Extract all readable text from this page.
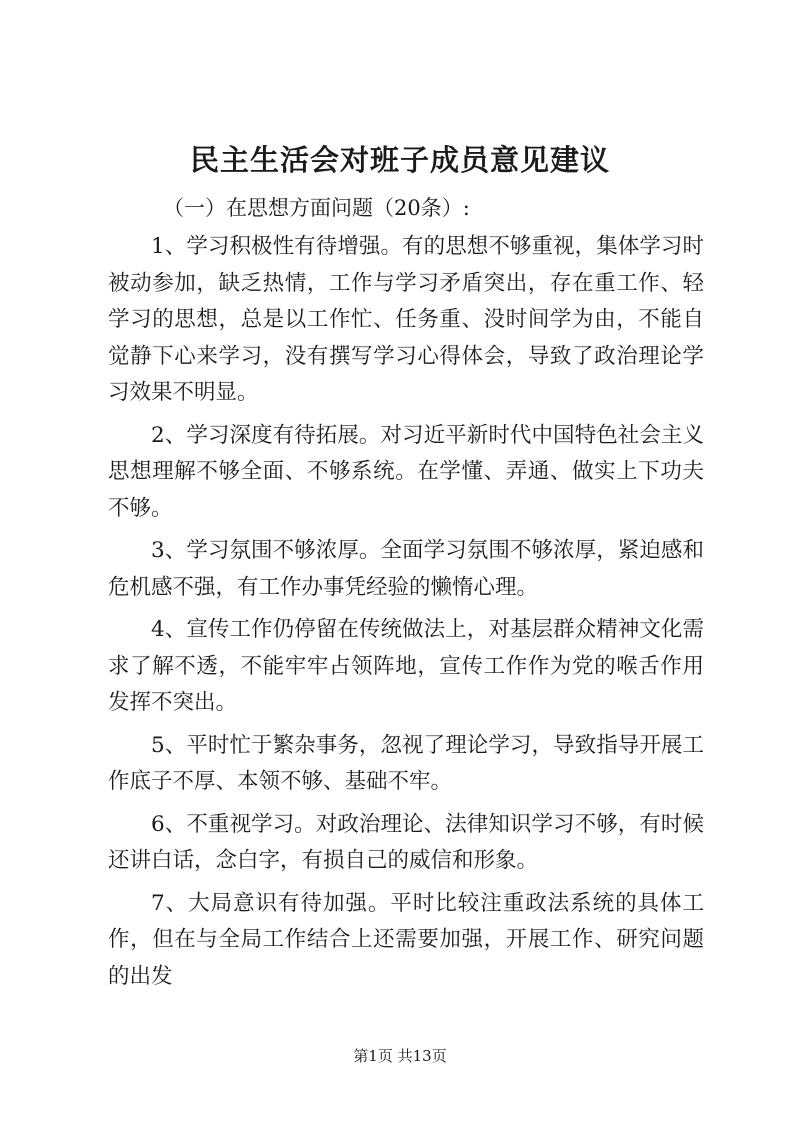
民主生活会对班子成员意见建议

（一）在思想方面问题（20条）:

1、学习积极性有待增强。有的思想不够重视，集体学习时被动参加，缺乏热情，工作与学习矛盾突出，存在重工作、轻学习的思想，总是以工作忙、任务重、没时间学为由，不能自觉静下心来学习，没有撰写学习心得体会，导致了政治理论学习效果不明显。

2、学习深度有待拓展。对习近平新时代中国特色社会主义思想理解不够全面、不够系统。在学懂、弄通、做实上下功夫不够。

3、学习氛围不够浓厚。全面学习氛围不够浓厚，紧迫感和危机感不强，有工作办事凭经验的懒惰心理。

4、宣传工作仍停留在传统做法上，对基层群众精神文化需求了解不透，不能牢牢占领阵地，宣传工作作为党的喉舌作用发挥不突出。

5、平时忙于繁杂事务，忽视了理论学习，导致指导开展工作底子不厚、本领不够、基础不牢。

6、不重视学习。对政治理论、法律知识学习不够，有时候还讲白话，念白字，有损自己的威信和形象。

7、大局意识有待加强。平时比较注重政法系统的具体工作，但在与全局工作结合上还需要加强，开展工作、研究问题的出发

第1页 共13页
